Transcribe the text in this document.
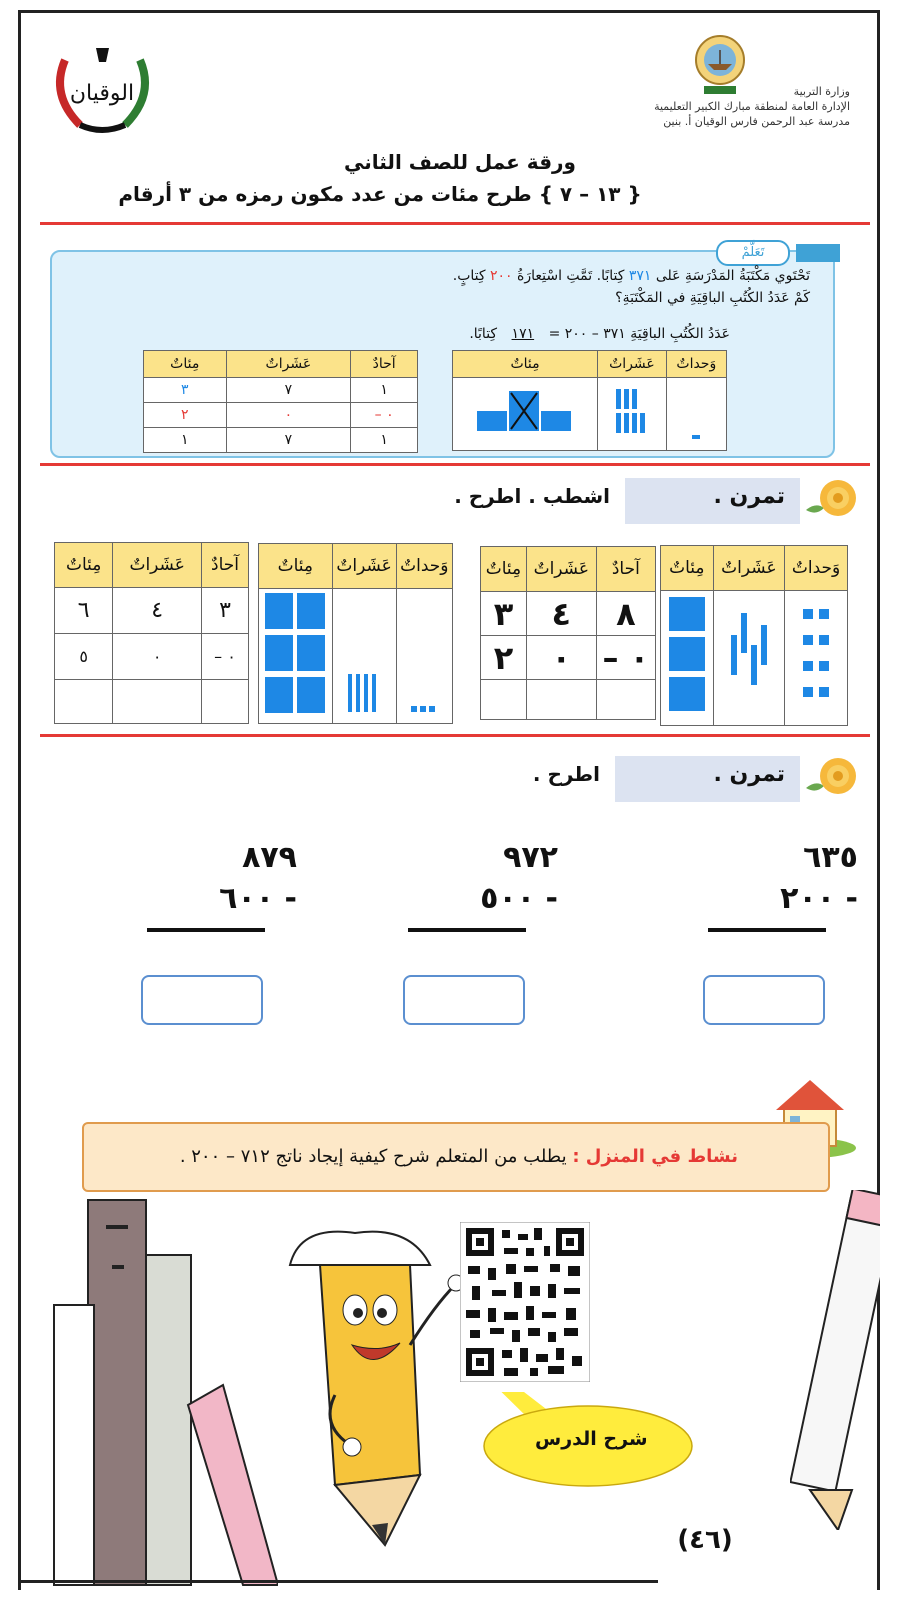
وزارة التربية
الإدارة العامة لمنطقة مبارك الكبير التعليمية
مدرسة عبد الرحمن فارس الوقيان أ. بنين
الوقيان
ورقة عمل للصف الثاني
{ ١٣ – ٧ } طرح مئات من عدد مكون رمزه من ٣ أرقام
تَعَلَّمْ
تَحْتَوي مَكْتَبَةُ المَدْرَسَةِ عَلى ٣٧١ كِتابًا. تَمَّتِ اسْتِعارَةُ ٢٠٠ كِتابٍ.
كَمْ عَدَدُ الكُتُبِ الباقِيَةِ في المَكْتَبَةِ؟
عَدَدُ الكُتُبِ الباقِيَةِ ٣٧١ – ٢٠٠ = ١٧١ كِتابًا.
وَحداتٌ	عَشَراتٌ	مِئاتٌ

آحادٌ	عَشَراتٌ	مِئاتٌ
١	٧	٣
٠ –	٠	٢
١	٧	١
تمرن .
اشطب . اطرح .
وَحداتٌ	عَشَراتٌ	مِئاتٌ

آحادٌ	عَشَراتٌ	مِئاتٌ
٨	٤	٣
٠ –	٠	٢

وَحداتٌ	عَشَراتٌ	مِئاتٌ

آحادٌ	عَشَراتٌ	مِئاتٌ
٣	٤	٦
٠ –	٠	٥

تمرن .
اطرح .
٦٣٥
٢٠٠ -
٩٧٢
٥٠٠ -
٨٧٩
٦٠٠ -
نشاط في المنزل : يطلب من المتعلم شرح كيفية إيجاد ناتج ٧١٢ – ٢٠٠ .
شرح الدرس
(٤٦)
